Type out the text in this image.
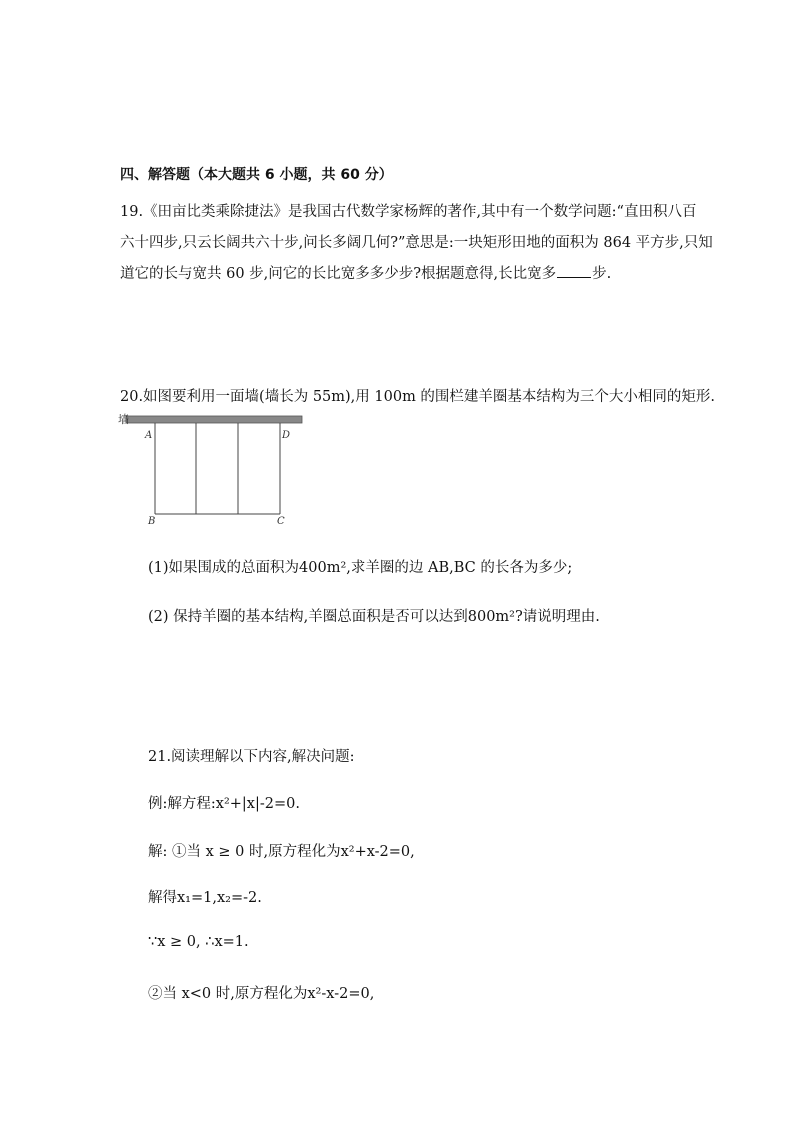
四、解答题（本大题共 6 小题，共 60 分）
19.《田亩比类乘除捷法》是我国古代数学家杨辉的著作,其中有一个数学问题:“直田积八百
六十四步,只云长阔共六十步,问长多阔几何?”意思是:一块矩形田地的面积为 864 平方步,只知
道它的长与宽共 60 步,问它的长比宽多多少步?根据题意得,长比宽多 步.
20.如图要利用一面墙(墙长为 55m),用 100m 的围栏建羊圈基本结构为三个大小相同的矩形.
墙
A	D
B	C
(1)如果围成的总面积为400m²,求羊圈的边 AB,BC 的长各为多少;
(2) 保持羊圈的基本结构,羊圈总面积是否可以达到800m²?请说明理由.
21.阅读理解以下内容,解决问题:
例:解方程:x²+|x|-2=0.
解: ①当 x ≥ 0 时,原方程化为x²+x-2=0,
解得x₁=1,x₂=-2.
∵x ≥ 0, ∴x=1.
②当 x<0 时,原方程化为x²-x-2=0,
